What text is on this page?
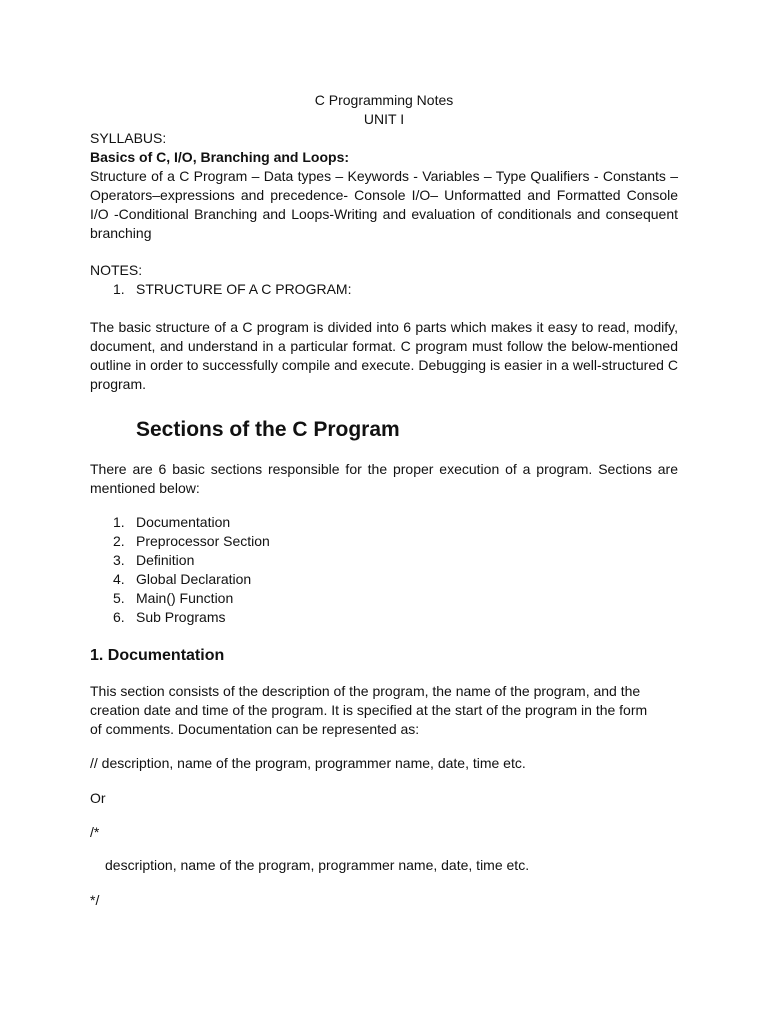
C Programming Notes
UNIT I
SYLLABUS:
Basics of C, I/O, Branching and Loops:
Structure of a C Program – Data types – Keywords - Variables – Type Qualifiers - Constants – Operators–expressions and precedence- Console I/O– Unformatted and Formatted Console I/O -Conditional Branching and Loops-Writing and evaluation of conditionals and consequent branching
NOTES:
1. STRUCTURE OF A C PROGRAM:
The basic structure of a C program is divided into 6 parts which makes it easy to read, modify, document, and understand in a particular format. C program must follow the below-mentioned outline in order to successfully compile and execute. Debugging is easier in a well-structured C program.
Sections of the C Program
There are 6 basic sections responsible for the proper execution of a program. Sections are mentioned below:
1. Documentation
2. Preprocessor Section
3. Definition
4. Global Declaration
5. Main() Function
6. Sub Programs
1. Documentation
This section consists of the description of the program, the name of the program, and the creation date and time of the program. It is specified at the start of the program in the form of comments. Documentation can be represented as:
// description, name of the program, programmer name, date, time etc.
Or
/*
description, name of the program, programmer name, date, time etc.
*/
